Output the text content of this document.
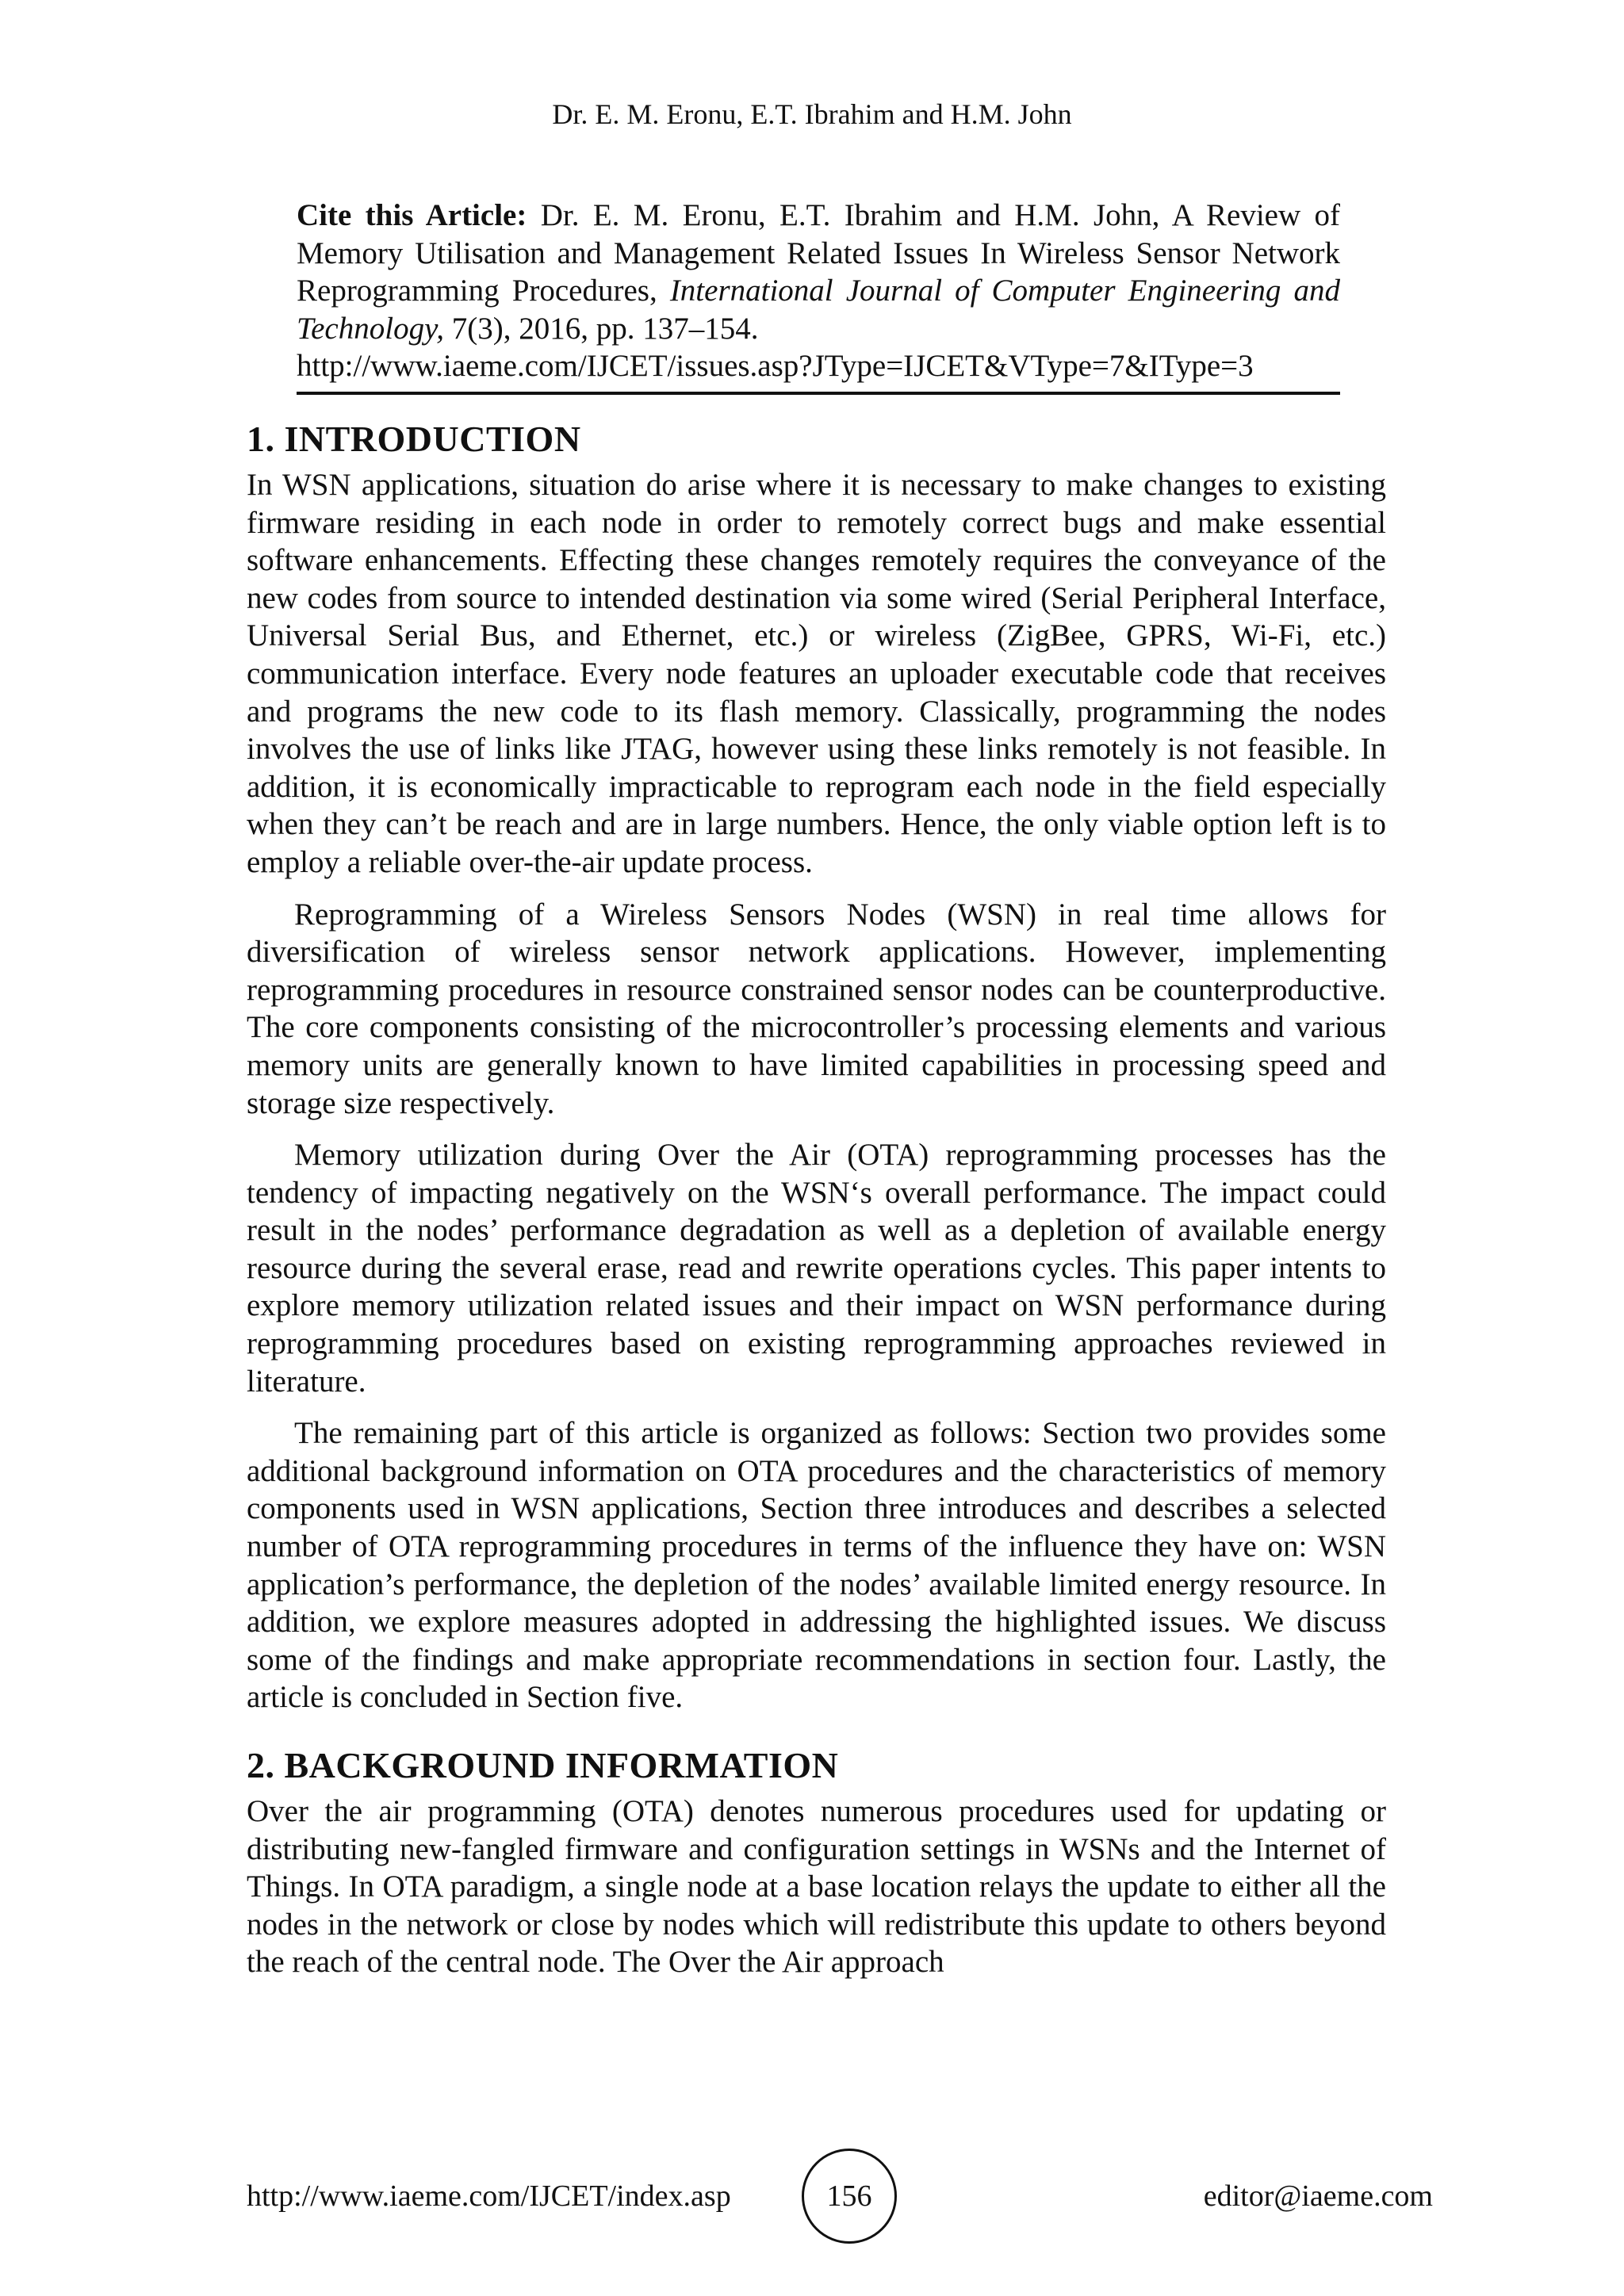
Dr. E. M. Eronu, E.T. Ibrahim and H.M. John
Cite this Article: Dr. E. M. Eronu, E.T. Ibrahim and H.M. John, A Review of Memory Utilisation and Management Related Issues In Wireless Sensor Network Reprogramming Procedures, International Journal of Computer Engineering and Technology, 7(3), 2016, pp. 137–154.
http://www.iaeme.com/IJCET/issues.asp?JType=IJCET&VType=7&IType=3
1. INTRODUCTION

In WSN applications, situation do arise where it is necessary to make changes to existing firmware residing in each node in order to remotely correct bugs and make essential software enhancements. Effecting these changes remotely requires the conveyance of the new codes from source to intended destination via some wired (Serial Peripheral Interface, Universal Serial Bus, and Ethernet, etc.) or wireless (ZigBee, GPRS, Wi-Fi, etc.) communication interface. Every node features an uploader executable code that receives and programs the new code to its flash memory. Classically, programming the nodes involves the use of links like JTAG, however using these links remotely is not feasible. In addition, it is economically impracticable to reprogram each node in the field especially when they can’t be reach and are in large numbers. Hence, the only viable option left is to employ a reliable over-the-air update process.

Reprogramming of a Wireless Sensors Nodes (WSN) in real time allows for diversification of wireless sensor network applications. However, implementing reprogramming procedures in resource constrained sensor nodes can be counterproductive. The core components consisting of the microcontroller’s processing elements and various memory units are generally known to have limited capabilities in processing speed and storage size respectively.

Memory utilization during Over the Air (OTA) reprogramming processes has the tendency of impacting negatively on the WSN‘s overall performance. The impact could result in the nodes’ performance degradation as well as a depletion of available energy resource during the several erase, read and rewrite operations cycles. This paper intents to explore memory utilization related issues and their impact on WSN performance during reprogramming procedures based on existing reprogramming approaches reviewed in literature.

The remaining part of this article is organized as follows: Section two provides some additional background information on OTA procedures and the characteristics of memory components used in WSN applications, Section three introduces and describes a selected number of OTA reprogramming procedures in terms of the influence they have on: WSN application’s performance, the depletion of the nodes’ available limited energy resource. In addition, we explore measures adopted in addressing the highlighted issues. We discuss some of the findings and make appropriate recommendations in section four. Lastly, the article is concluded in Section five.

2. BACKGROUND INFORMATION

Over the air programming (OTA) denotes numerous procedures used for updating or distributing new-fangled firmware and configuration settings in WSNs and the Internet of Things. In OTA paradigm, a single node at a base location relays the update to either all the nodes in the network or close by nodes which will redistribute this update to others beyond the reach of the central node. The Over the Air approach

http://www.iaeme.com/IJCET/index.asp	156	editor@iaeme.com
